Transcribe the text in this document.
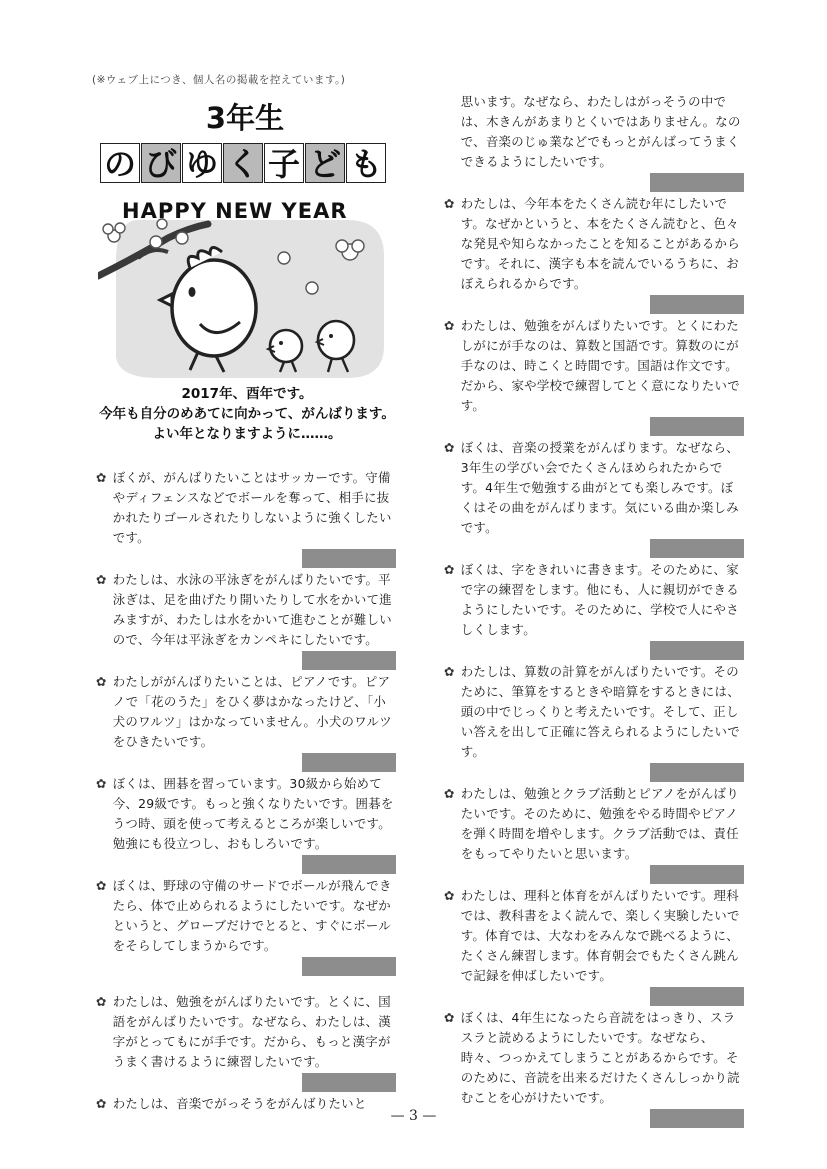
(※ウェブ上につき、個人名の掲載を控えています。)
3年生
の び ゆ く 子 ど も
HAPPY NEW YEAR
2017年、酉年です。
今年も自分のめあてに向かって、がんばります。
よい年となりますように……。
✿ ぼくが、がんばりたいことはサッカーです。守備やディフェンスなどでボールを奪って、相手に抜かれたりゴールされたりしないように強くしたいです。
✿ わたしは、水泳の平泳ぎをがんばりたいです。平泳ぎは、足を曲げたり開いたりして水をかいて進みますが、わたしは水をかいて進むことが難しいので、今年は平泳ぎをカンペキにしたいです。
✿ わたしががんばりたいことは、ピアノです。ピアノで「花のうた」をひく夢はかなったけど、「小犬のワルツ」はかなっていません。小犬のワルツをひきたいです。
✿ ぼくは、囲碁を習っています。30級から始めて今、29級です。もっと強くなりたいです。囲碁をうつ時、頭を使って考えるところが楽しいです。勉強にも役立つし、おもしろいです。
✿ ぼくは、野球の守備のサードでボールが飛んできたら、体で止められるようにしたいです。なぜかというと、グローブだけでとると、すぐにボールをそらしてしまうからです。
✿ わたしは、勉強をがんばりたいです。とくに、国語をがんばりたいです。なぜなら、わたしは、漢字がとってもにが手です。だから、もっと漢字がうまく書けるように練習したいです。
✿ わたしは、音楽でがっそうをがんばりたいと
思います。なぜなら、わたしはがっそうの中では、木きんがあまりとくいではありません。なので、音楽のじゅ業などでもっとがんばってうまくできるようにしたいです。
✿ わたしは、今年本をたくさん読む年にしたいです。なぜかというと、本をたくさん読むと、色々な発見や知らなかったことを知ることがあるからです。それに、漢字も本を読んでいるうちに、おぼえられるからです。
✿ わたしは、勉強をがんばりたいです。とくにわたしがにが手なのは、算数と国語です。算数のにが手なのは、時こくと時間です。国語は作文です。だから、家や学校で練習してとく意になりたいです。
✿ ぼくは、音楽の授業をがんばります。なぜなら、3年生の学びい会でたくさんほめられたからです。4年生で勉強する曲がとても楽しみです。ぼくはその曲をがんばります。気にいる曲か楽しみです。
✿ ぼくは、字をきれいに書きます。そのために、家で字の練習をします。他にも、人に親切ができるようにしたいです。そのために、学校で人にやさしくします。
✿ わたしは、算数の計算をがんばりたいです。そのために、筆算をするときや暗算をするときには、頭の中でじっくりと考えたいです。そして、正しい答えを出して正確に答えられるようにしたいです。
✿ わたしは、勉強とクラブ活動とピアノをがんばりたいです。そのために、勉強をやる時間やピアノを弾く時間を増やします。クラブ活動では、責任をもってやりたいと思います。
✿ わたしは、理科と体育をがんばりたいです。理科では、教科書をよく読んで、楽しく実験したいです。体育では、大なわをみんなで跳べるように、たくさん練習します。体育朝会でもたくさん跳んで記録を伸ばしたいです。
✿ ぼくは、4年生になったら音読をはっきり、スラスラと読めるようにしたいです。なぜなら、時々、つっかえてしまうことがあるからです。そのために、音読を出来るだけたくさんしっかり読むことを心がけたいです。
— 3 —
